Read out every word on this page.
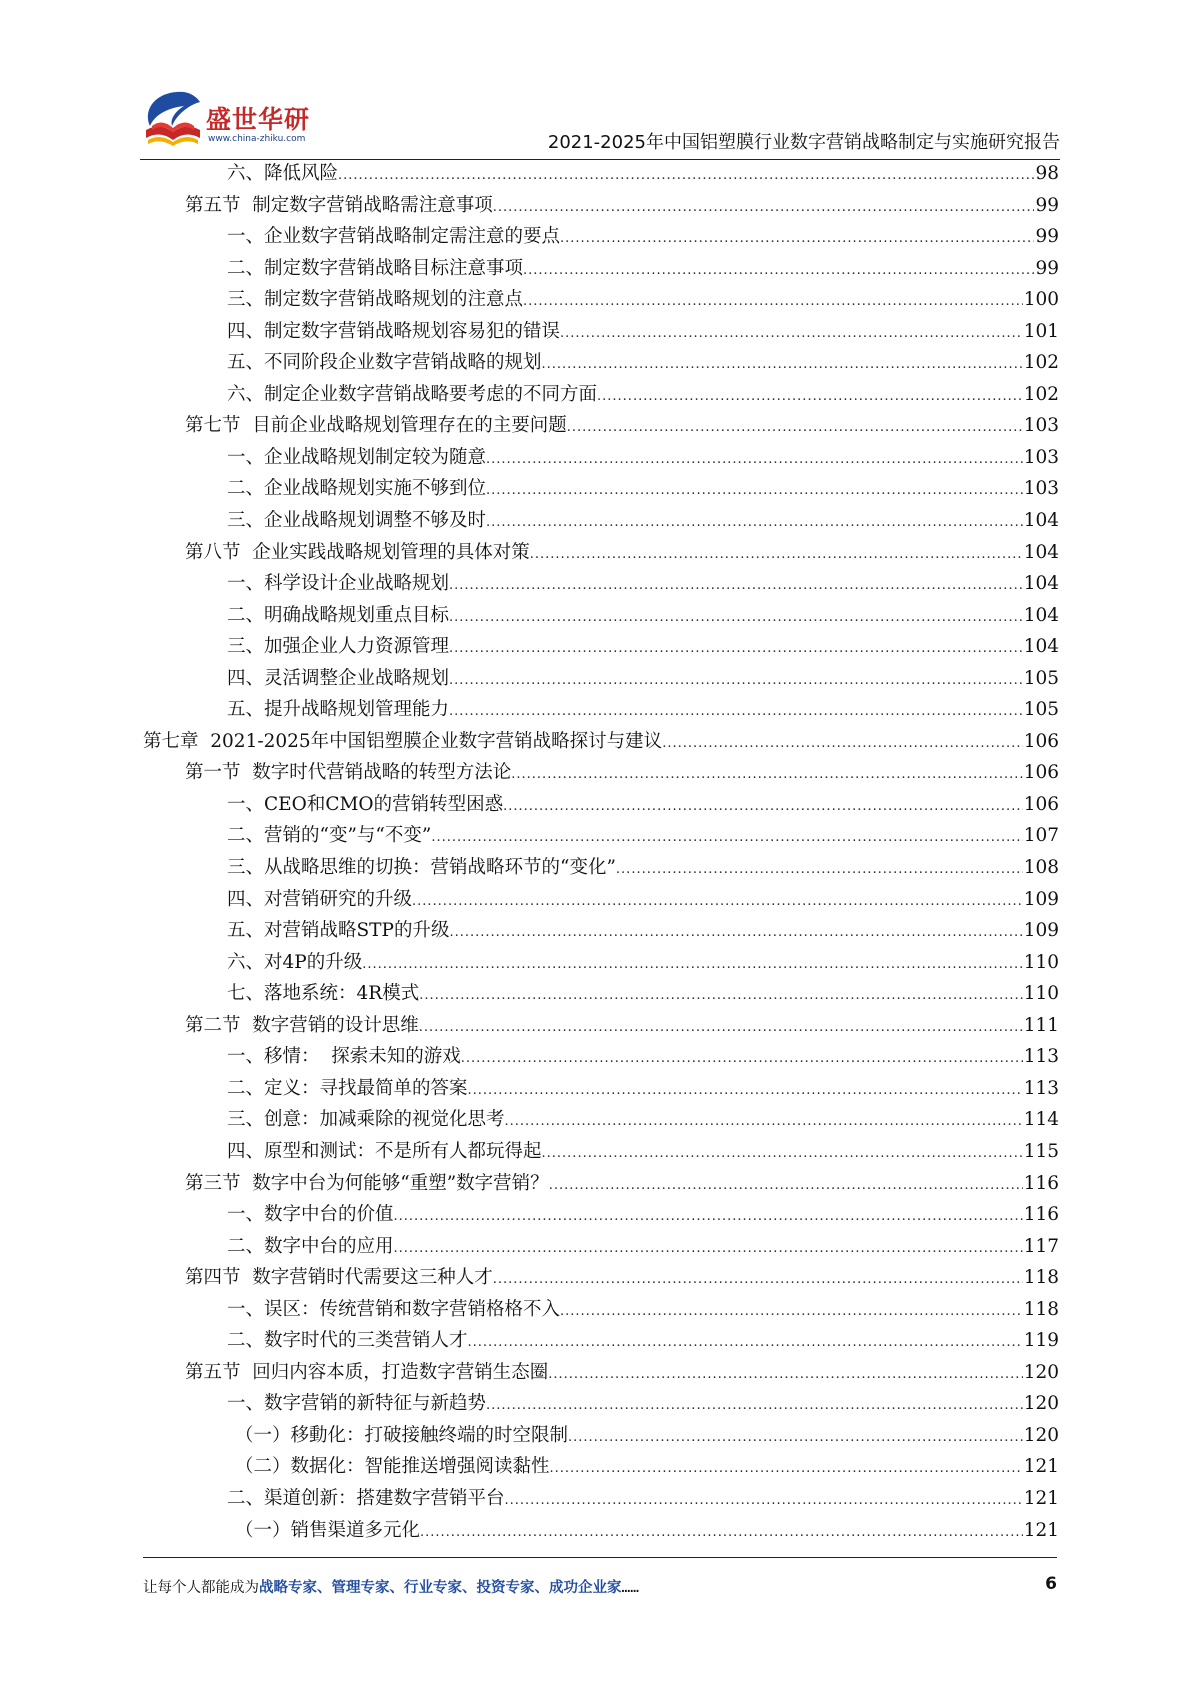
盛世华研
www.china-zhiku.com	2021-2025年中国铝塑膜行业数字营销战略制定与实施研究报告
六、降低风险 .....	98
第五节  制定数字营销战略需注意事项 .....	99
一、企业数字营销战略制定需注意的要点 .....	99
二、制定数字营销战略目标注意事项 .....	99
三、制定数字营销战略规划的注意点 .....	100
四、制定数字营销战略规划容易犯的错误 .....	101
五、不同阶段企业数字营销战略的规划 .....	102
六、制定企业数字营销战略要考虑的不同方面 .....	102
第七节  目前企业战略规划管理存在的主要问题 .....	103
一、企业战略规划制定较为随意 .....	103
二、企业战略规划实施不够到位 .....	103
三、企业战略规划调整不够及时 .....	104
第八节  企业实践战略规划管理的具体对策 .....	104
一、科学设计企业战略规划 .....	104
二、明确战略规划重点目标 .....	104
三、加强企业人力资源管理 .....	104
四、灵活调整企业战略规划 .....	105
五、提升战略规划管理能力 .....	105
第七章  2021-2025年中国铝塑膜企业数字营销战略探讨与建议 .....	106
第一节  数字时代营销战略的转型方法论 .....	106
一、CEO和CMO的营销转型困惑 .....	106
二、营销的“变”与“不变” .....	107
三、从战略思维的切换：营销战略环节的“变化” .....	108
四、对营销研究的升级 .....	109
五、对营销战略STP的升级 .....	109
六、对4P的升级 .....	110
七、落地系统：4R模式 .....	110
第二节  数字营销的设计思维 .....	111
一、移情：  探索未知的游戏 .....	113
二、定义：寻找最简单的答案 .....	113
三、创意：加减乘除的视觉化思考 .....	114
四、原型和测试：不是所有人都玩得起 .....	115
第三节  数字中台为何能够“重塑”数字营销？ .....	116
一、数字中台的价值 .....	116
二、数字中台的应用 .....	117
第四节  数字营销时代需要这三种人才 .....	118
一、误区：传统营销和数字营销格格不入 .....	118
二、数字时代的三类营销人才 .....	119
第五节  回归内容本质，打造数字营销生态圈 .....	120
一、数字营销的新特征与新趋势 .....	120
（一）移動化：打破接触终端的时空限制 .....	120
（二）数据化：智能推送增强阅读黏性 .....	121
二、渠道创新：搭建数字营销平台 .....	121
（一）销售渠道多元化 .....	121
让每个人都能成为战略专家、管理专家、行业专家、投资专家、成功企业家……	6
